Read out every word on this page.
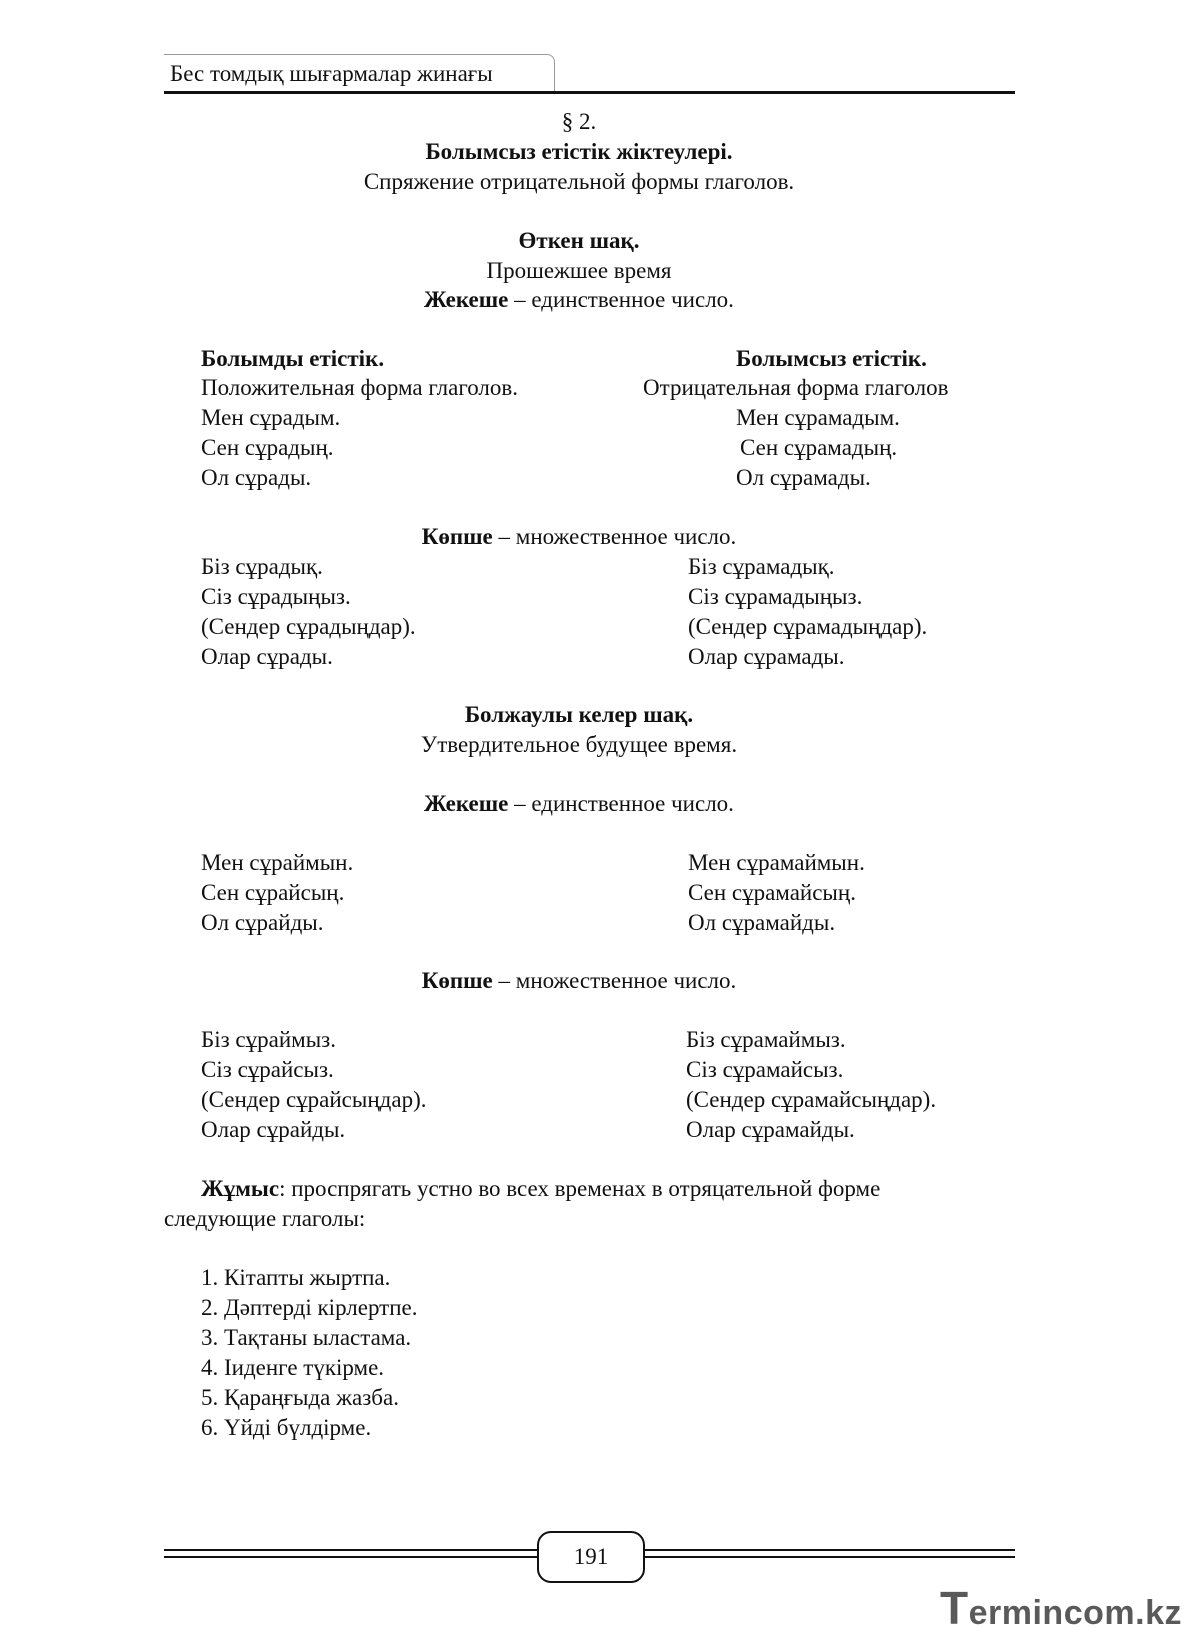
Бес томдық шығармалар жинағы
§ 2.
Болымсыз етістік жіктеулері.
Спряжение отрицательной формы глаголов.
Өткен шақ.
Прошежшее время
Жекеше – единственное число.
Болымды етістік.	Болымсыз етістік.
Положительная форма глаголов.	Отрицательная форма глаголов
Мен сұрадым.
Сен сұрадың.
Ол сұрады.
Мен сұрамадым.
Сен сұрамадың.
Ол сұрамады.
Көпше – множественное число.
Біз сұрадық.
Сіз сұрадыңыз.
(Сендер сұрадыңдар).
Олар сұрады.
Біз сұрамадық.
Сіз сұрамадыңыз.
(Сендер сұрамадыңдар).
Олар сұрамады.
Болжаулы келер шақ.
Утвердительное будущее время.
Жекеше – единственное число.
Мен сұраймын.
Сен сұрайсың.
Ол сұрайды.
Мен сұрамаймын.
Сен сұрамайсың.
Ол сұрамайды.
Көпше – множественное число.
Біз сұраймыз.
Сіз сұрайсыз.
(Сендер сұрайсыңдар).
Олар сұрайды.
Біз сұрамаймыз.
Сіз сұрамайсыз.
(Сендер сұрамайсыңдар).
Олар сұрамайды.
Жұмыс: проспрягать устно во всех временах в отряцательной форме
следующие глаголы:
1. Кітапты жыртпа.
2. Дәптерді кірлертпе.
3. Тақтаны ыластама.
4. Іиденге түкірме.
5. Қараңғыда жазба.
6. Үйді бүлдірме.
191
Termincom.kz
